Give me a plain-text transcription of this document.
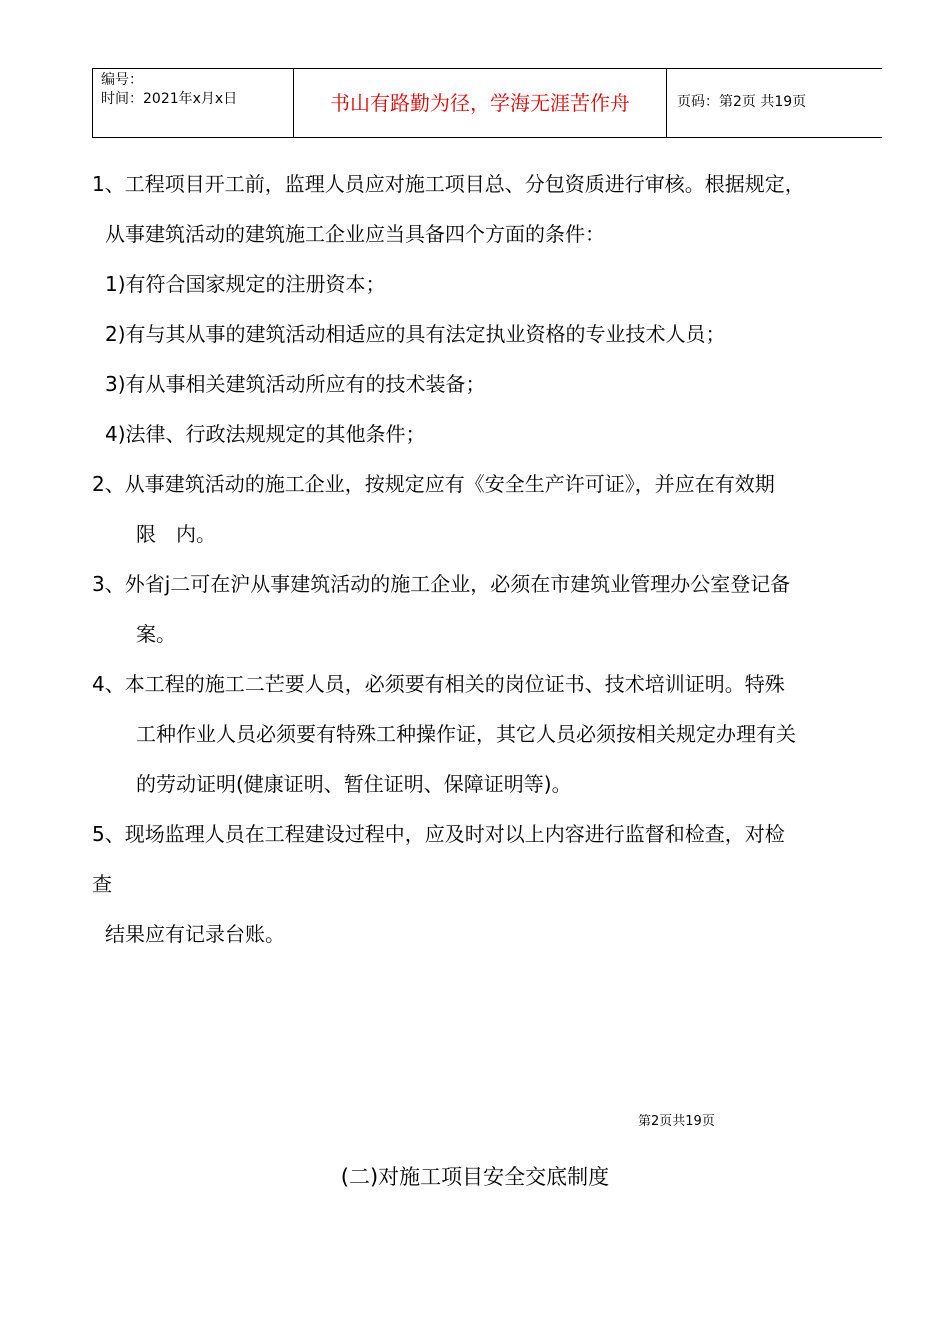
编号：
时间：2021年x月x日	书山有路勤为径，学海无涯苦作舟	页码：第2页 共19页
1、工程项目开工前，监理人员应对施工项目总、分包资质进行审核。根据规定，
从事建筑活动的建筑施工企业应当具备四个方面的条件：
1)有符合国家规定的注册资本；
2)有与其从事的建筑活动相适应的具有法定执业资格的专业技术人员；
3)有从事相关建筑活动所应有的技术装备；
4)法律、行政法规规定的其他条件；
2、从事建筑活动的施工企业，按规定应有《安全生产许可证》，并应在有效期
限　内。
3、外省j二可在沪从事建筑活动的施工企业，必须在市建筑业管理办公室登记备
案。
4、本工程的施工二芒要人员，必须要有相关的岗位证书、技术培训证明。特殊
工种作业人员必须要有特殊工种操作证，其它人员必须按相关规定办理有关
的劳动证明(健康证明、暂住证明、保障证明等)。
5、现场监理人员在工程建设过程中，应及时对以上内容进行监督和检查，对检
查
结果应有记录台账。
第2页共19页
(二)对施工项目安全交底制度
